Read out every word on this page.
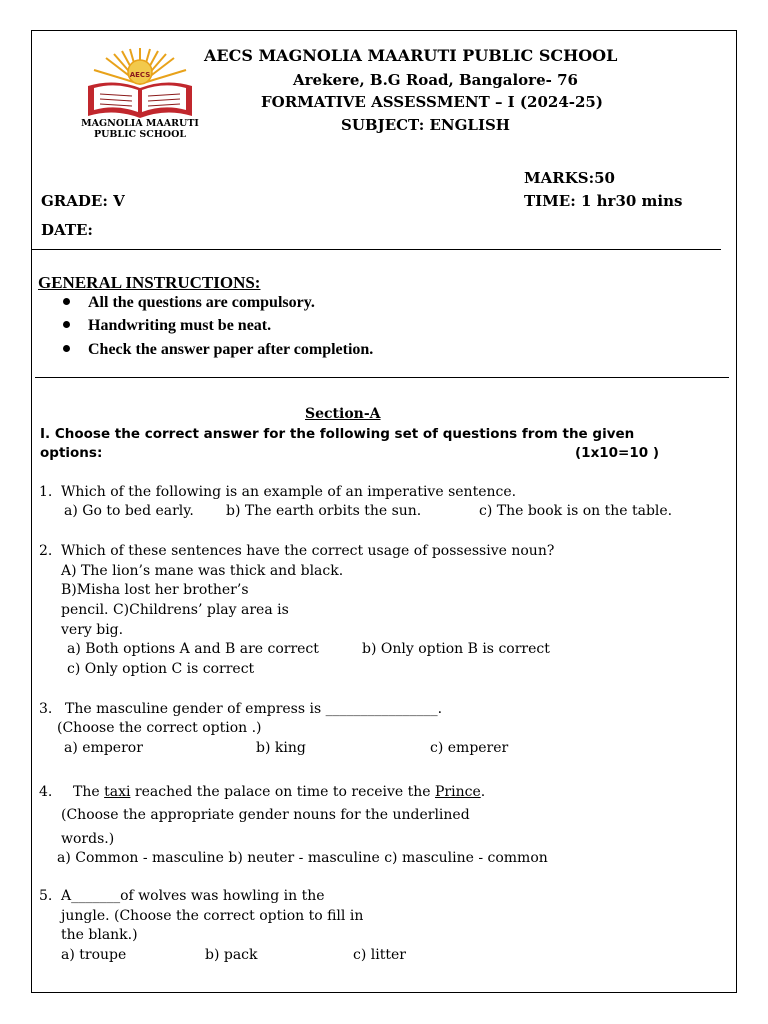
AECS
MAGNOLIA MAARUTI
PUBLIC SCHOOL
AECS MAGNOLIA MAARUTI PUBLIC SCHOOL
Arekere, B.G Road, Bangalore- 76
FORMATIVE ASSESSMENT – I (2024-25)
SUBJECT: ENGLISH
MARKS:50
GRADE: V	TIME: 1 hr30 mins
DATE:
GENERAL INSTRUCTIONS:
All the questions are compulsory.
Handwriting must be neat.
Check the answer paper after completion.
Section-A
I. Choose the correct answer for the following set of questions from the given
options:	(1x10=10 )
1. Which of the following is an example of an imperative sentence.
a) Go to bed early. b) The earth orbits the sun.	c) The book is on the table.
2. Which of these sentences have the correct usage of possessive noun?
A) The lion’s mane was thick and black.
B)Misha lost her brother’s
pencil. C)Childrens’ play area is
very big.
a) Both options A and B are correct	b) Only option B is correct
c) Only option C is correct
3. The masculine gender of empress is ________________.
(Choose the correct option .)
a) emperor	b) king	c) emperer
4. The taxi reached the palace on time to receive the Prince.
(Choose the appropriate gender nouns for the underlined
words.)
a) Common - masculine b) neuter - masculine c) masculine - common
5. A_______of wolves was howling in the
jungle. (Choose the correct option to fill in
the blank.)
a) troupe	b) pack	c) litter
